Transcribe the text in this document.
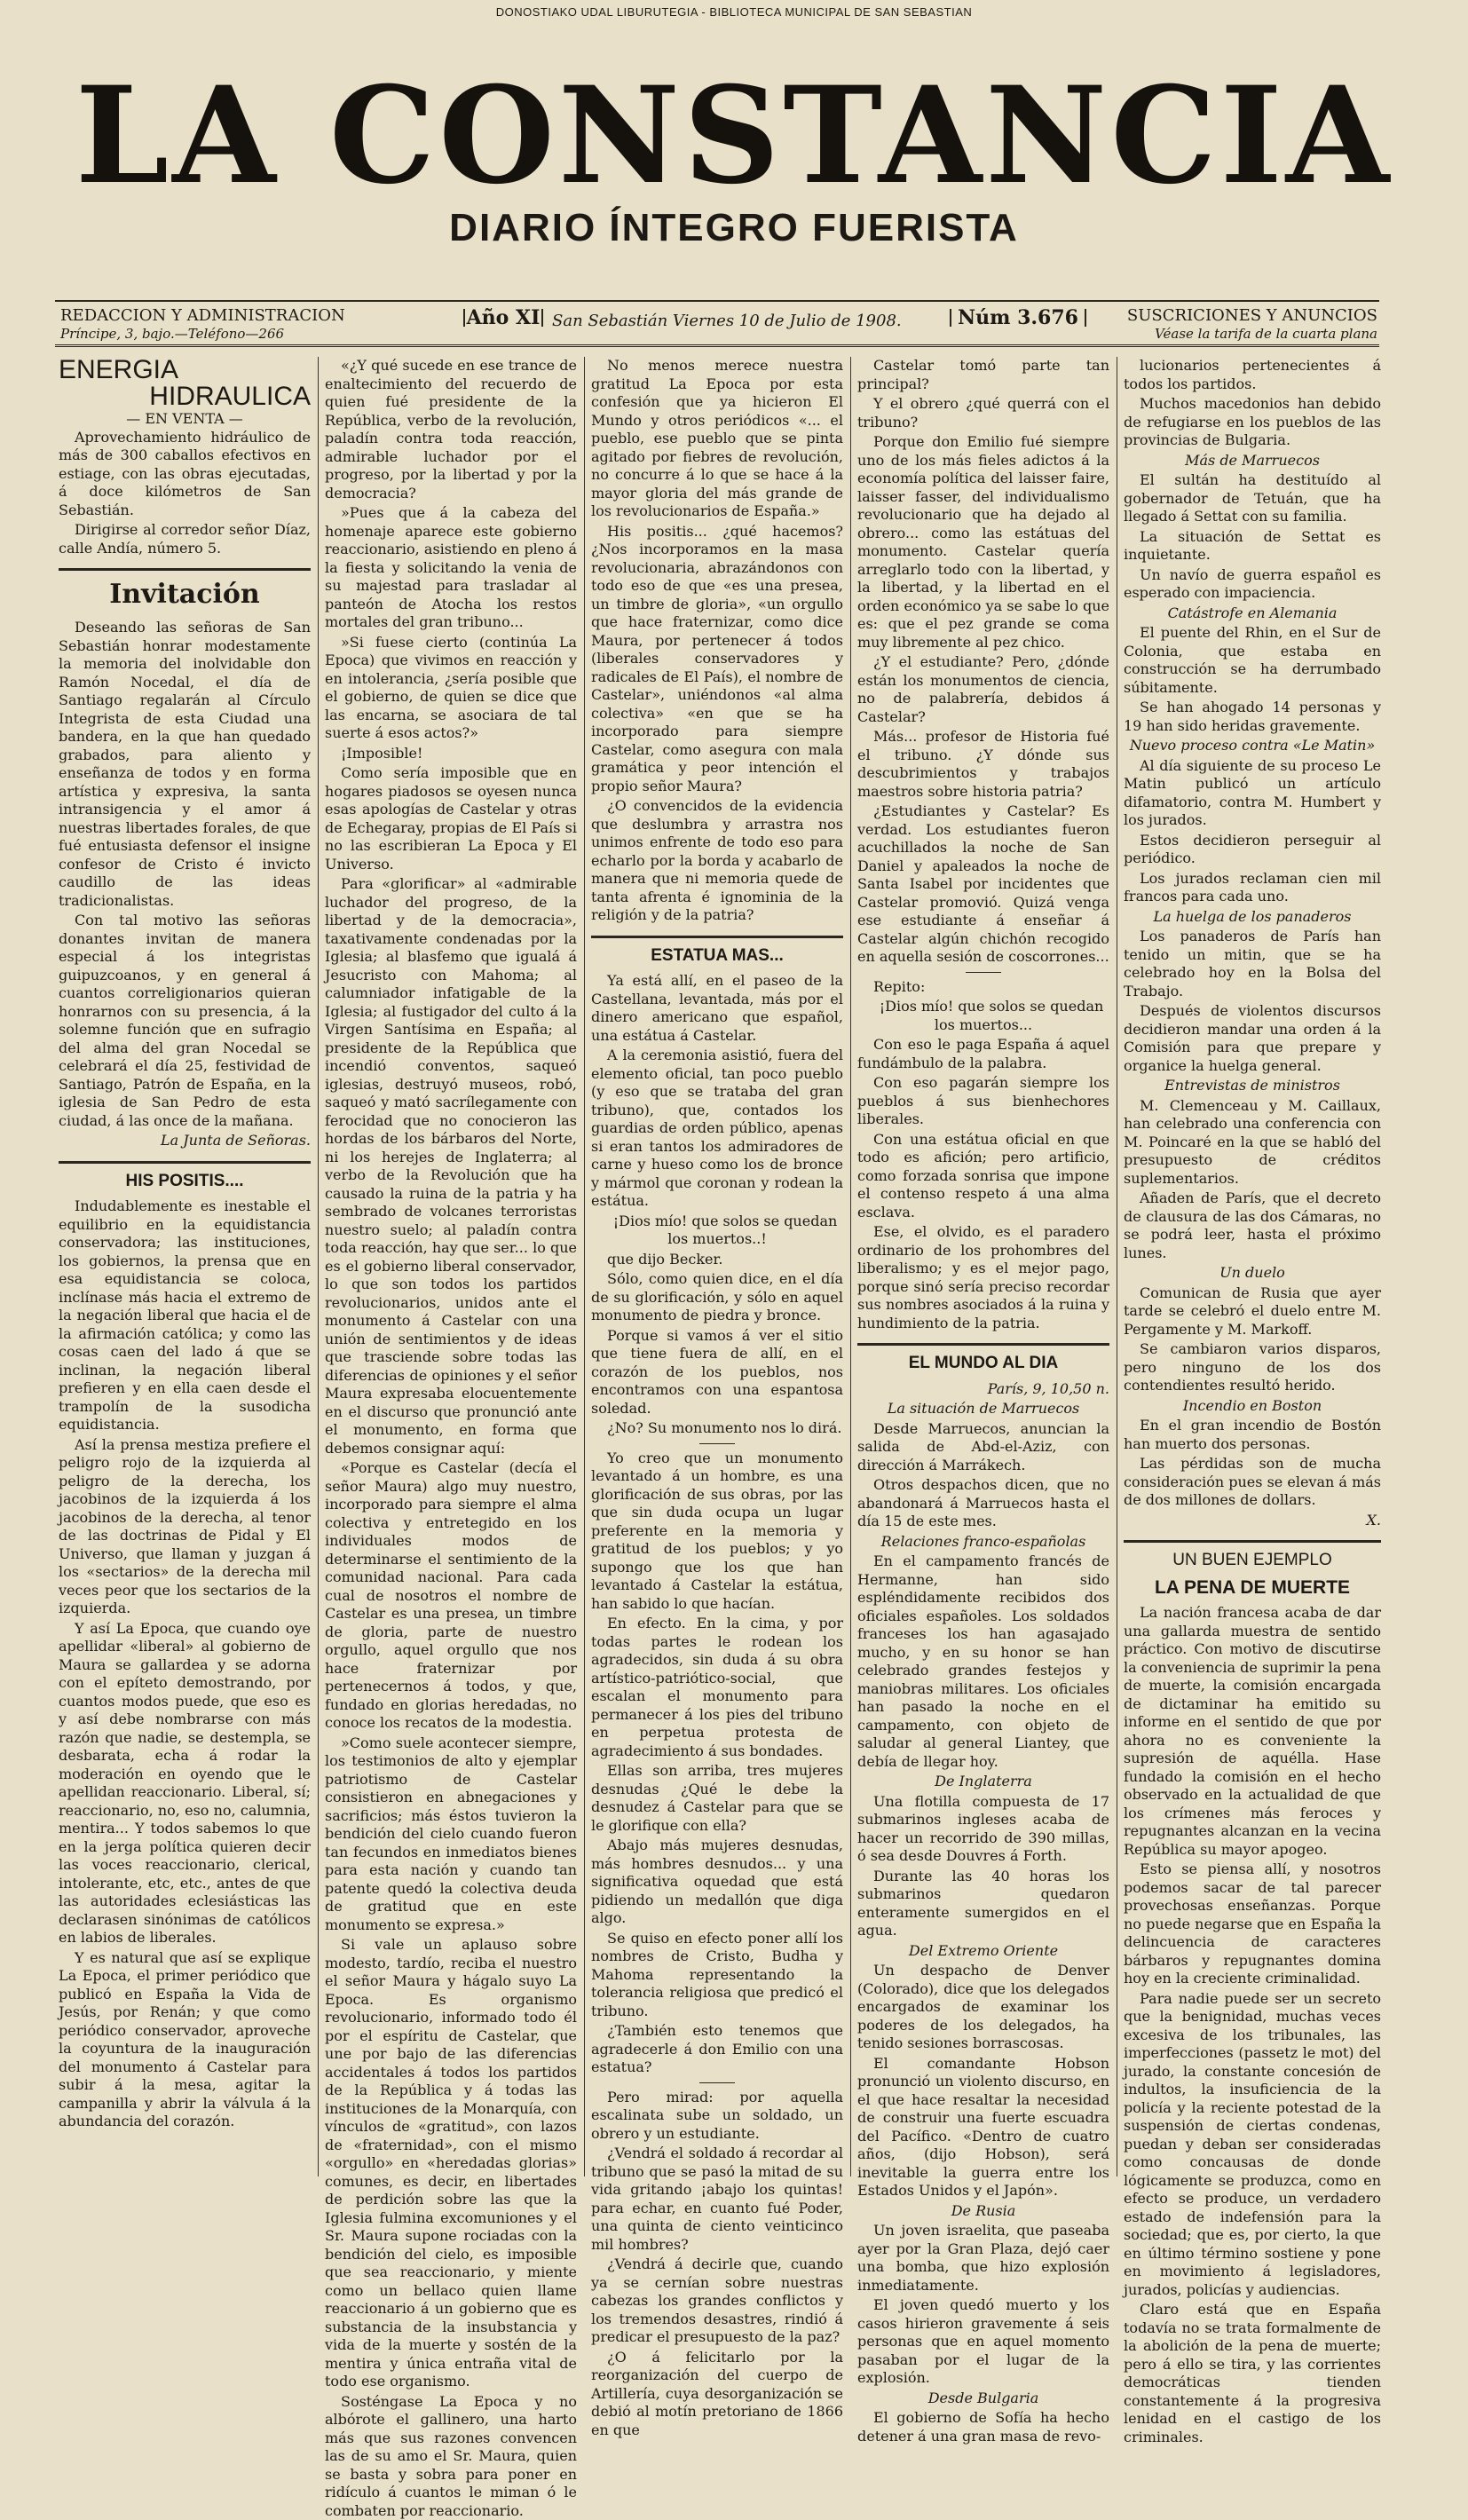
DONOSTIAKO UDAL LIBURUTEGIA - BIBLIOTECA MUNICIPAL DE SAN SEBASTIAN
LA CONSTANCIA
DIARIO ÍNTEGRO FUERISTA
REDACCION Y ADMINISTRACION
Príncipe, 3, bajo.—Teléfono—266
Año XI San Sebastián Viernes 10 de Julio de 1908.	Núm 3.676	SUSCRICIONES Y ANUNCIOS
Véase la tarifa de la cuarta plana
ENERGIA
HIDRAULICA
— EN VENTA —

Aprovechamiento hidráulico de más de 300 caballos efectivos en estiage, con las obras ejecutadas, á doce kilómetros de San Sebastián.

Dirigirse al corredor señor Díaz, calle Andía, número 5.

Invitación

Deseando las señoras de San Sebastián honrar modestamente la memoria del inolvidable don Ramón Nocedal, el día de Santiago regalarán al Círculo Integrista de esta Ciudad una bandera, en la que han quedado grabados, para aliento y enseñanza de todos y en forma artística y expresiva, la santa intransigencia y el amor á nuestras libertades forales, de que fué entusiasta defensor el insigne confesor de Cristo é invicto caudillo de las ideas tradicionalistas.

Con tal motivo las señoras donantes invitan de manera especial á los integristas guipuzcoanos, y en general á cuantos correligionarios quieran honrarnos con su presencia, á la solemne función que en sufragio del alma del gran Nocedal se celebrará el día 25, festividad de Santiago, Patrón de España, en la iglesia de San Pedro de esta ciudad, á las once de la mañana.

La Junta de Señoras.
HIS POSITIS....

Indudablemente es inestable el equilibrio en la equidistancia conservadora; las instituciones, los gobiernos, la prensa que en esa equidistancia se coloca, inclínase más hacia el extremo de la negación liberal que hacia el de la afirmación católica; y como las cosas caen del lado á que se inclinan, la negación liberal prefieren y en ella caen desde el trampolín de la susodicha equidistancia.

Así la prensa mestiza prefiere el peligro rojo de la izquierda al peligro de la derecha, los jacobinos de la izquierda á los jacobinos de la derecha, al tenor de las doctrinas de Pidal y El Universo, que llaman y juzgan á los «sectarios» de la derecha mil veces peor que los sectarios de la izquierda.

Y así La Epoca, que cuando oye apellidar «liberal» al gobierno de Maura se gallardea y se adorna con el epíteto demostrando, por cuantos modos puede, que eso es y así debe nombrarse con más razón que nadie, se destempla, se desbarata, echa á rodar la moderación en oyendo que le apellidan reaccionario. Liberal, sí; reaccionario, no, eso no, calumnia, mentira... Y todos sabemos lo que en la jerga política quieren decir las voces reaccionario, clerical, intolerante, etc, etc., antes de que las autoridades eclesiásticas las declarasen sinónimas de católicos en labios de liberales.

Y es natural que así se explique La Epoca, el primer periódico que publicó en España la Vida de Jesús, por Renán; y que como periódico conservador, aproveche la coyuntura de la inauguración del monumento á Castelar para subir á la mesa, agitar la campanilla y abrir la válvula á la abundancia del corazón.

«¿Y qué sucede en ese trance de enaltecimiento del recuerdo de quien fué presidente de la República, verbo de la revolución, paladín contra toda reacción, admirable luchador por el progreso, por la libertad y por la democracia?

»Pues que á la cabeza del homenaje aparece este gobierno reaccionario, asistiendo en pleno á la fiesta y solicitando la venia de su majestad para trasladar al panteón de Atocha los restos mortales del gran tribuno...

»Si fuese cierto (continúa La Epoca) que vivimos en reacción y en intolerancia, ¿sería posible que el gobierno, de quien se dice que las encarna, se asociara de tal suerte á esos actos?»

¡Imposible!

Como sería imposible que en hogares piadosos se oyesen nunca esas apologías de Castelar y otras de Echegaray, propias de El País si no las escribieran La Epoca y El Universo.

Para «glorificar» al «admirable luchador del progreso, de la libertad y de la democracia», taxativamente condenadas por la Iglesia; al blasfemo que igualá á Jesucristo con Mahoma; al calumniador infatigable de la Iglesia; al fustigador del culto á la Virgen Santísima en España; al presidente de la República que incendió conventos, saqueó iglesias, destruyó museos, robó, saqueó y mató sacrílegamente con ferocidad que no conocieron las hordas de los bárbaros del Norte, ni los herejes de Inglaterra; al verbo de la Revolución que ha causado la ruina de la patria y ha sembrado de volcanes terroristas nuestro suelo; al paladín contra toda reacción, hay que ser... lo que es el gobierno liberal conservador, lo que son todos los partidos revolucionarios, unidos ante el monumento á Castelar con una unión de sentimientos y de ideas que trasciende sobre todas las diferencias de opiniones y el señor Maura expresaba elocuentemente en el discurso que pronunció ante el monumento, en forma que debemos consignar aquí:

«Porque es Castelar (decía el señor Maura) algo muy nuestro, incorporado para siempre el alma colectiva y entretegido en los individuales modos de determinarse el sentimiento de la comunidad nacional. Para cada cual de nosotros el nombre de Castelar es una presea, un timbre de gloria, parte de nuestro orgullo, aquel orgullo que nos hace fraternizar por pertenecernos á todos, y que, fundado en glorias heredadas, no conoce los recatos de la modestia.

»Como suele acontecer siempre, los testimonios de alto y ejemplar patriotismo de Castelar consistieron en abnegaciones y sacrificios; más éstos tuvieron la bendición del cielo cuando fueron tan fecundos en inmediatos bienes para esta nación y cuando tan patente quedó la colectiva deuda de gratitud que en este monumento se expresa.»

Si vale un aplauso sobre modesto, tardío, reciba el nuestro el señor Maura y hágalo suyo La Epoca. Es organismo revolucionario, informado todo él por el espíritu de Castelar, que une por bajo de las diferencias accidentales á todos los partidos de la República y á todas las instituciones de la Monarquía, con vínculos de «gratitud», con lazos de «fraternidad», con el mismo «orgullo» en «heredadas glorias» comunes, es decir, en libertades de perdición sobre las que la Iglesia fulmina excomuniones y el Sr. Maura supone rociadas con la bendición del cielo, es imposible que sea reaccionario, y miente como un bellaco quien llame reaccionario á un gobierno que es substancia de la insubstancia y vida de la muerte y sostén de la mentira y única entraña vital de todo ese organismo.

Sosténgase La Epoca y no albórote el gallinero, una harto más que sus razones convencen las de su amo el Sr. Maura, quien se basta y sobra para poner en ridículo á cuantos le miman ó le combaten por reaccionario.

No menos merece nuestra gratitud La Epoca por esta confesión que ya hicieron El Mundo y otros periódicos «... el pueblo, ese pueblo que se pinta agitado por fiebres de revolución, no concurre á lo que se hace á la mayor gloria del más grande de los revolucionarios de España.»

His positis... ¿qué hacemos? ¿Nos incorporamos en la masa revolucionaria, abrazándonos con todo eso de que «es una presea, un timbre de gloria», «un orgullo que hace fraternizar, como dice Maura, por pertenecer á todos (liberales conservadores y radicales de El País), el nombre de Castelar», uniéndonos «al alma colectiva» «en que se ha incorporado para siempre Castelar, como asegura con mala gramática y peor intención el propio señor Maura?

¿O convencidos de la evidencia que deslumbra y arrastra nos unimos enfrente de todo eso para echarlo por la borda y acabarlo de manera que ni memoria quede de tanta afrenta é ignominia de la religión y de la patria?

ESTATUA MAS...

Ya está allí, en el paseo de la Castellana, levantada, más por el dinero americano que español, una estátua á Castelar.

A la ceremonia asistió, fuera del elemento oficial, tan poco pueblo (y eso que se trataba del gran tribuno), que, contados los guardias de orden público, apenas si eran tantos los admiradores de carne y hueso como los de bronce y mármol que coronan y rodean la estátua.

¡Dios mío! que solos se quedan los muertos..!

que dijo Becker.

Sólo, como quien dice, en el día de su glorificación, y sólo en aquel monumento de piedra y bronce.

Porque si vamos á ver el sitio que tiene fuera de allí, en el corazón de los pueblos, nos encontramos con una espantosa soledad.

¿No? Su monumento nos lo dirá.

Yo creo que un monumento levantado á un hombre, es una glorificación de sus obras, por las que sin duda ocupa un lugar preferente en la memoria y gratitud de los pueblos; y yo supongo que los que han levantado á Castelar la estátua, han sabido lo que hacían.

En efecto. En la cima, y por todas partes le rodean los agradecidos, sin duda á su obra artístico-patriótico-social, que escalan el monumento para permanecer á los pies del tribuno en perpetua protesta de agradecimiento á sus bondades.

Ellas son arriba, tres mujeres desnudas ¿Qué le debe la desnudez á Castelar para que se le glorifique con ella?

Abajo más mujeres desnudas, más hombres desnudos... y una significativa oquedad que está pidiendo un medallón que diga algo.

Se quiso en efecto poner allí los nombres de Cristo, Budha y Mahoma representando la tolerancia religiosa que predicó el tribuno.

¿También esto tenemos que agradecerle á don Emilio con una estatua?

Pero mirad: por aquella escalinata sube un soldado, un obrero y un estudiante.

¿Vendrá el soldado á recordar al tribuno que se pasó la mitad de su vida gritando ¡abajo los quintas! para echar, en cuanto fué Poder, una quinta de ciento veinticinco mil hombres?

¿Vendrá á decirle que, cuando ya se cernían sobre nuestras cabezas los grandes conflictos y los tremendos desastres, rindió á predicar el presupuesto de la paz?

¿O á felicitarlo por la reorganización del cuerpo de Artillería, cuya desorganización se debió al motín pretoriano de 1866 en que

Castelar tomó parte tan principal?

Y el obrero ¿qué querrá con el tribuno?

Porque don Emilio fué siempre uno de los más fieles adictos á la economía política del laisser faire, laisser fasser, del individualismo revolucionario que ha dejado al obrero... como las estátuas del monumento. Castelar quería arreglarlo todo con la libertad, y la libertad, y la libertad en el orden económico ya se sabe lo que es: que el pez grande se coma muy libremente al pez chico.

¿Y el estudiante? Pero, ¿dónde están los monumentos de ciencia, no de palabrería, debidos á Castelar?

Más... profesor de Historia fué el tribuno. ¿Y dónde sus descubrimientos y trabajos maestros sobre historia patria?

¿Estudiantes y Castelar? Es verdad. Los estudiantes fueron acuchillados la noche de San Daniel y apaleados la noche de Santa Isabel por incidentes que Castelar promovió. Quizá venga ese estudiante á enseñar á Castelar algún chichón recogido en aquella sesión de coscorrones...

Repito:

¡Dios mío! que solos se quedan los muertos...

Con eso le paga España á aquel fundámbulo de la palabra.

Con eso pagarán siempre los pueblos á sus bienhechores liberales.

Con una estátua oficial en que todo es afición; pero artificio, como forzada sonrisa que impone el contenso respeto á una alma esclava.

Ese, el olvido, es el paradero ordinario de los prohombres del liberalismo; y es el mejor pago, porque sinó sería preciso recordar sus nombres asociados á la ruina y hundimiento de la patria.

EL MUNDO AL DIA
París, 9, 10,50 n.
La situación de Marruecos

Desde Marruecos, anuncian la salida de Abd-el-Aziz, con dirección á Marrákech.

Otros despachos dicen, que no abandonará á Marruecos hasta el día 15 de este mes.

Relaciones franco-españolas

En el campamento francés de Hermanne, han sido espléndidamente recibidos dos oficiales españoles. Los soldados franceses los han agasajado mucho, y en su honor se han celebrado grandes festejos y maniobras militares. Los oficiales han pasado la noche en el campamento, con objeto de saludar al general Liantey, que debía de llegar hoy.

De Inglaterra

Una flotilla compuesta de 17 submarinos ingleses acaba de hacer un recorrido de 390 millas, ó sea desde Douvres á Forth.

Durante las 40 horas los submarinos quedaron enteramente sumergidos en el agua.

Del Extremo Oriente

Un despacho de Denver (Colorado), dice que los delegados encargados de examinar los poderes de los delegados, ha tenido sesiones borrascosas.

El comandante Hobson pronunció un violento discurso, en el que hace resaltar la necesidad de construir una fuerte escuadra del Pacífico. «Dentro de cuatro años, (dijo Hobson), será inevitable la guerra entre los Estados Unidos y el Japón».

De Rusia

Un joven israelita, que paseaba ayer por la Gran Plaza, dejó caer una bomba, que hizo explosión inmediatamente.

El joven quedó muerto y los casos hirieron gravemente á seis personas que en aquel momento pasaban por el lugar de la explosión.

Desde Bulgaria

El gobierno de Sofía ha hecho detener á una gran masa de revo-

lucionarios pertenecientes á todos los partidos.

Muchos macedonios han debido de refugiarse en los pueblos de las provincias de Bulgaria.

Más de Marruecos

El sultán ha destituído al gobernador de Tetuán, que ha llegado á Settat con su familia.

La situación de Settat es inquietante.

Un navío de guerra español es esperado con impaciencia.

Catástrofe en Alemania

El puente del Rhin, en el Sur de Colonia, que estaba en construcción se ha derrumbado súbitamente.

Se han ahogado 14 personas y 19 han sido heridas gravemente.

Nuevo proceso contra «Le Matin»

Al día siguiente de su proceso Le Matin publicó un artículo difamatorio, contra M. Humbert y los jurados.

Estos decidieron perseguir al periódico.

Los jurados reclaman cien mil francos para cada uno.

La huelga de los panaderos

Los panaderos de París han tenido un mitin, que se ha celebrado hoy en la Bolsa del Trabajo.

Después de violentos discursos decidieron mandar una orden á la Comisión para que prepare y organice la huelga general.

Entrevistas de ministros

M. Clemenceau y M. Caillaux, han celebrado una conferencia con M. Poincaré en la que se habló del presupuesto de créditos suplementarios.

Añaden de París, que el decreto de clausura de las dos Cámaras, no se podrá leer, hasta el próximo lunes.

Un duelo

Comunican de Rusia que ayer tarde se celebró el duelo entre M. Pergamente y M. Markoff.

Se cambiaron varios disparos, pero ninguno de los dos contendientes resultó herido.

Incendio en Boston

En el gran incendio de Bostón han muerto dos personas.

Las pérdidas son de mucha consideración pues se elevan á más de dos millones de dollars.

X.
UN BUEN EJEMPLO
LA PENA DE MUERTE

La nación francesa acaba de dar una gallarda muestra de sentido práctico. Con motivo de discutirse la conveniencia de suprimir la pena de muerte, la comisión encargada de dictaminar ha emitido su informe en el sentido de que por ahora no es conveniente la supresión de aquélla. Hase fundado la comisión en el hecho observado en la actualidad de que los crímenes más feroces y repugnantes alcanzan en la vecina República su mayor apogeo.

Esto se piensa allí, y nosotros podemos sacar de tal parecer provechosas enseñanzas. Porque no puede negarse que en España la delincuencia de caracteres bárbaros y repugnantes domina hoy en la creciente criminalidad.

Para nadie puede ser un secreto que la benignidad, muchas veces excesiva de los tribunales, las imperfecciones (passetz le mot) del jurado, la constante concesión de indultos, la insuficiencia de la policía y la reciente potestad de la suspensión de ciertas condenas, puedan y deban ser consideradas como concausas de donde lógicamente se produzca, como en efecto se produce, un verdadero estado de indefensión para la sociedad; que es, por cierto, la que en último término sostiene y pone en movimiento á legisladores, jurados, policías y audiencias.

Claro está que en España todavía no se trata formalmente de la abolición de la pena de muerte; pero á ello se tira, y las corrientes democráticas tienden constantemente á la progresiva lenidad en el castigo de los criminales.
